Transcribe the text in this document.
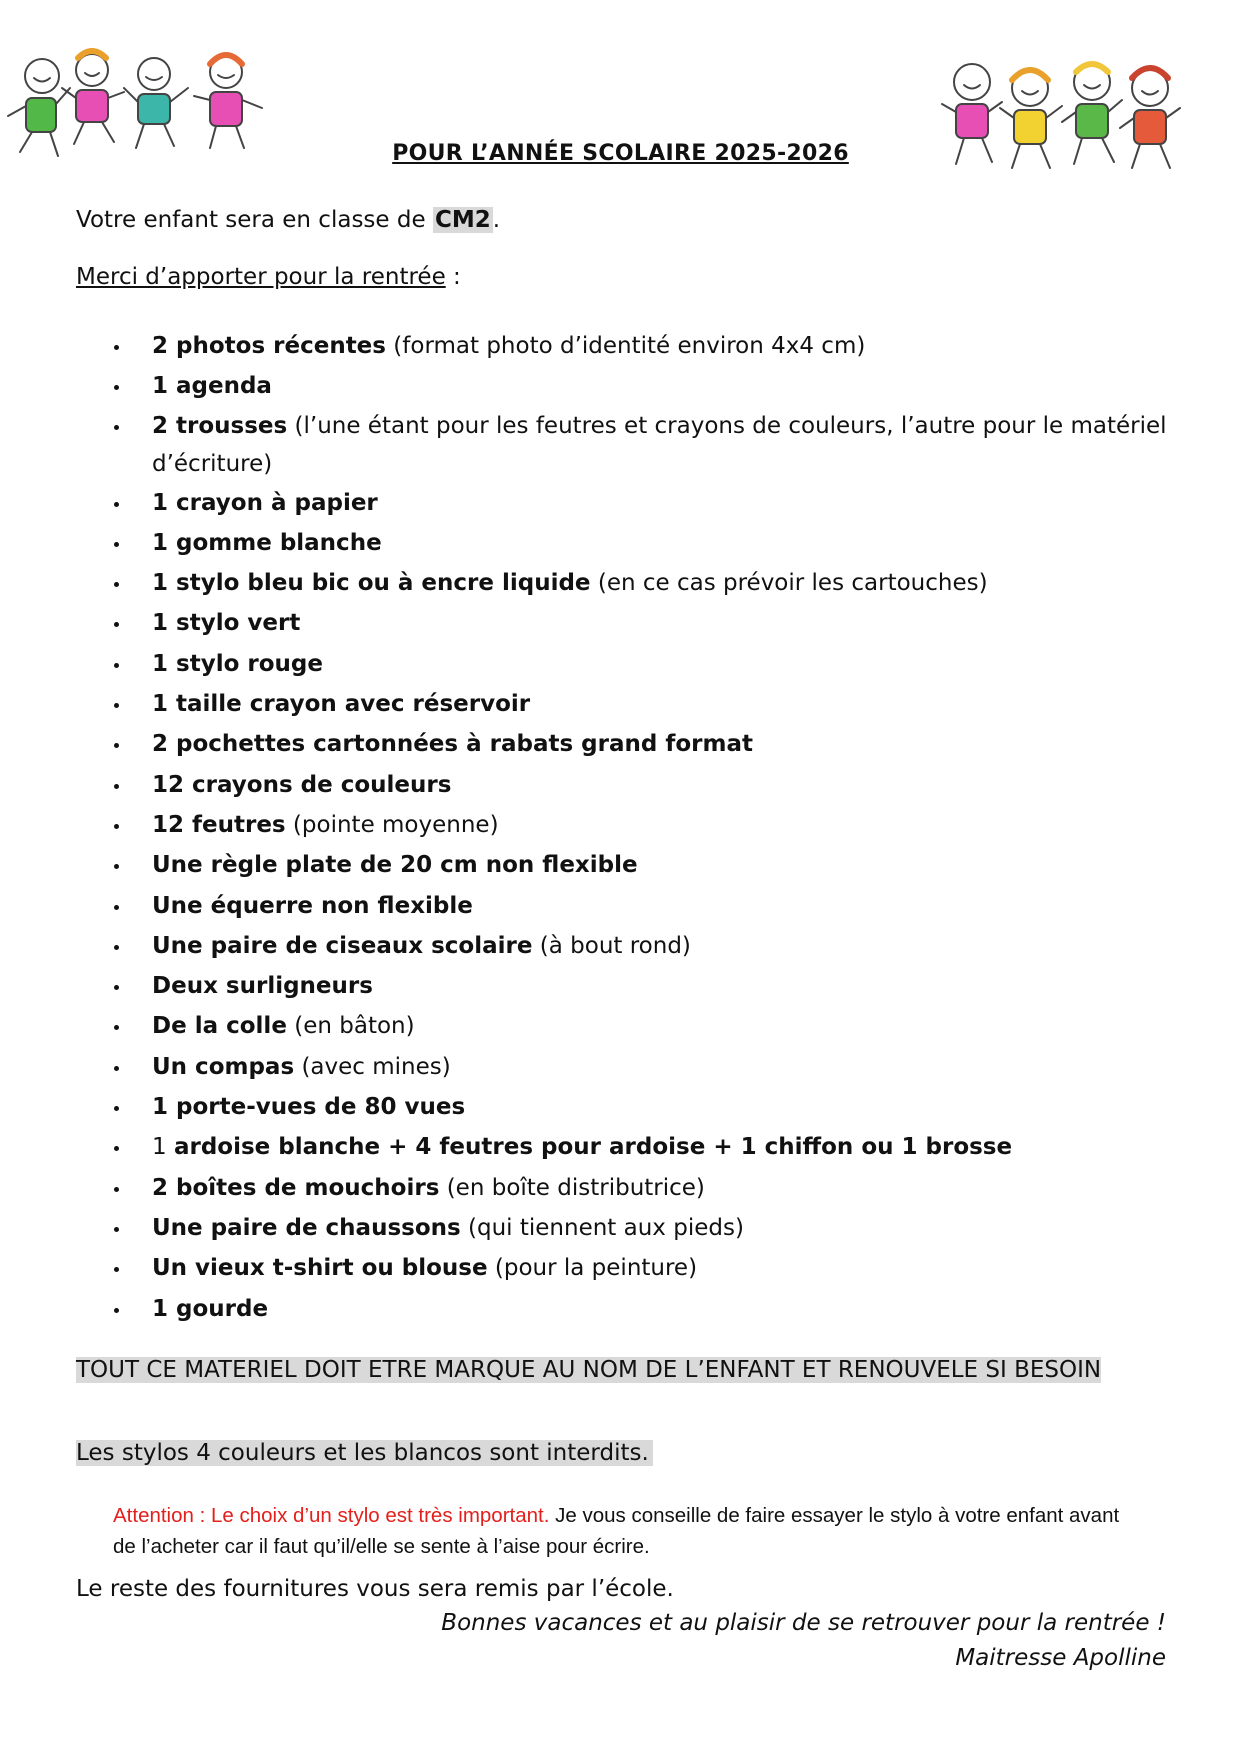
POUR L’ANNÉE SCOLAIRE 2025-2026
Votre enfant sera en classe de CM2.
Merci d’apporter pour la rentrée :
2 photos récentes (format photo d’identité environ 4x4 cm)
1 agenda
2 trousses (l’une étant pour les feutres et crayons de couleurs, l’autre pour le matériel d’écriture)
1 crayon à papier
1 gomme blanche
1 stylo bleu bic ou à encre liquide (en ce cas prévoir les cartouches)
1 stylo vert
1 stylo rouge
1 taille crayon avec réservoir
2 pochettes cartonnées à rabats grand format
12 crayons de couleurs
12 feutres (pointe moyenne)
Une règle plate de 20 cm non flexible
Une équerre non flexible
Une paire de ciseaux scolaire (à bout rond)
Deux surligneurs
De la colle (en bâton)
Un compas (avec mines)
1 porte-vues de 80 vues
1 ardoise blanche + 4 feutres pour ardoise + 1 chiffon ou 1 brosse
2 boîtes de mouchoirs (en boîte distributrice)
Une paire de chaussons (qui tiennent aux pieds)
Un vieux t-shirt ou blouse (pour la peinture)
1 gourde
TOUT CE MATERIEL DOIT ETRE MARQUE AU NOM DE L’ENFANT ET RENOUVELE SI BESOIN
Les stylos 4 couleurs et les blancos sont interdits.
Attention : Le choix d’un stylo est très important. Je vous conseille de faire essayer le stylo à votre enfant avant de l’acheter car il faut qu’il/elle se sente à l’aise pour écrire.
Le reste des fournitures vous sera remis par l’école.
Bonnes vacances et au plaisir de se retrouver pour la rentrée !
Maitresse Apolline
